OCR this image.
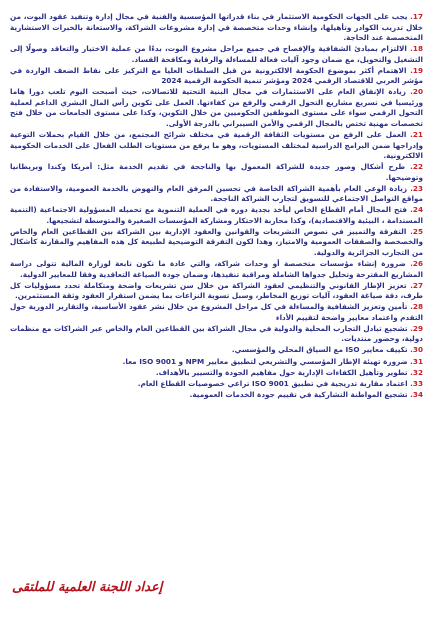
17. يجب على الجهات الحكومية الاستثمار في بناء قدراتها المؤسسية والفنية في مجال إدارة وتنفيذ عقود البوت، من خلال تدريب الكوادر وتأهيلها، وإنشاء وحدات متخصصة في إدارة مشروعات الشراكة، والاستعانة بالخبرات الاستشارية المتخصصة عند الحاجة.
18. الالتزام بمبادئ الشفافية والإفصاح في جميع مراحل مشروع البوت، بدءًا من عملية الاختيار والتعاقد وصولًا إلى التشغيل والتحويل، مع ضمان وجود آليات فعالة للمساءلة والرقابة ومكافحة الفساد.
19. الاهتمام أكثر بموضوع الحكومة الالكترونية من قبل السلطات العليا مع التركيز على نقاط الضعف الواردة في مؤشر العربي للاقتصاد الرقمي 2024 ومؤشر تنمية الحكومة الرقمية 2024
20. زيادة الإنفاق العام على الاستثمارات في مجال البنية التحتية للاتصالات، حيث أصبحت اليوم تلعب دورا هاما ورئيسيا في تسريع مشاريع التحول الرقمي والرفع من كفاءتها. العمل على تكوين رأس المال البشري الداعم لعملية التحول الرقمي سواء على مستوى الموظفين الحكوميين من خلال التكوين، وكذا على مستوى الجامعات من خلال فتح تخصصات مهنية تختص بالمجال الرقمي والأمن السيبراني بالدرجة الأولى.
21. العمل على الرفع من مستويات الثقافة الرقمية في مختلف شرائح المجتمع، من خلال القيام بحملات التوعية وإدراجها ضمن البرامج الدراسية لمختلف المستويات، وهو ما يرفع من مستويات الطلب الفعال على الخدمات الحكومية الالكترونية.
22. طرح أشكال وصور جديدة للشراكة المعمول بها والناجحة في تقديم الخدمة مثل: أمريكا وكندا وبريطانيا وتوضيحها.
23. زيادة الوعي العام بأهمية الشراكة الخاصة في تحسين المرفق العام والنهوض بالخدمة العمومية، والاستفادة من مواقع التواصل الاجتماعي للتسويق لتجارب الشراكة الناجحة.
24. فتح المجال أمام القطاع الخاص ليأخذ بجدية دوره في العملية التنموية مع تحميله المسؤولية الاجتماعية (التنمية المستدامة ، البيئية والاقتصادية)، وكذا محاربة الاحتكار ومشاركة المؤسسات الصغيرة والمتوسطة لتشجيعها.
25. التفرقة والتمييز في نصوص التشريعات والقوانين والعقود الإدارية بين الشراكة بين القطاعين العام والخاص والخصخصة والصفقات العمومية والامتياز، وهذا لكون التفرقة التوضيحية لطبيعة كل هذه المفاهيم والمقارنة كأشكال من التجارب الجزائرية والدولية.
26. ضرورة إنشاء مؤسسات متخصصة أو وحدات شراكة، والتي عادة ما تكون تابعة لوزارة المالية تتولى دراسة المشاريع المقترحة وتحليل جدواها الشاملة ومراقبة تنفيذها، وضمان جودة الصياغة التعاقدية وفقا للمعايير الدولية.
27. تعزيز الإطار القانوني والتنظيمي لعقود الشراكة من خلال سن تشريعات واضحة ومتكاملة تحدد مسؤوليات كل طرف، دقة صياغة العقود، آليات توزيع المخاطر، وسبل تسوية النزاعات بما يضمن استقرار العقود وثقة المستثمرين.
28. تأمين وتعزيز الشفافية والمساءلة في كل مراحل المشروع من خلال نشر عقود الأساسية، والتقارير الدورية حول التقدم واعتماد معايير واضحة لتقييم الأداء
29. تشجيع تبادل التجارب المحلية والدولية في مجال الشراكة بين القطاعين العام والخاص عبر الشراكات مع منظمات دولية، وحضور منتديات.
30. تكييف معايير ISO مع السياق المحلي والمؤسسي.
31. ضرورة تهيئة الإطار المؤسسي والتشريعي لتطبيق معايير NPM و ISO 9001 معا.
32. تطوير وتأهيل الكفاءات الإدارية حول مفاهيم الجودة والتسيير بالأهداف.
33. اعتماد مقاربة تدريجية في تطبيق ISO 9001 تراعي خصوصيات القطاع العام.
34. تشجيع المواطنة التشاركية في تقييم جودة الخدمات العمومية.
إعداد اللجنة العلمية للملتقى
